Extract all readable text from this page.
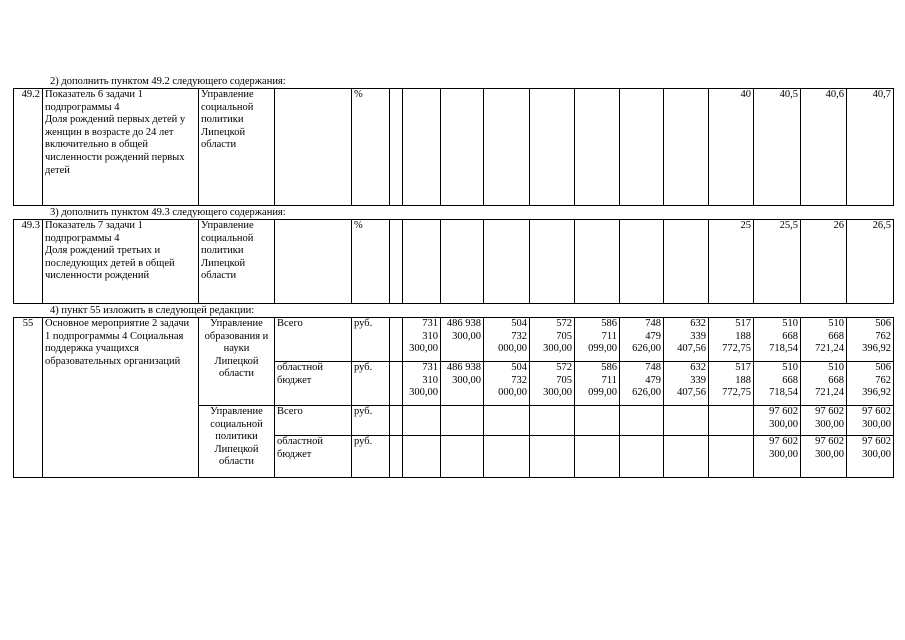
2) дополнить пунктом 49.2 следующего содержания:
49.2	Показатель 6 задачи 1 подпрограммы 4
Доля рождений первых детей у женщин в возрасте до 24 лет включительно в общей численности рождений первых детей	Управление социальной политики Липецкой области		%									40	40,5	40,6	40,7
3) дополнить пунктом 49.3 следующего содержания:
49.3	Показатель 7 задачи 1 подпрограммы 4
Доля рождений третьих и последующих детей в общей численности рождений	Управление социальной политики Липецкой области		%									25	25,5	26	26,5
4) пункт 55 изложить в следующей редакции:
55	Основное мероприятие 2 задачи 1 подпрограммы 4 Социальная поддержка учащихся образовательных организаций	Управление образования и науки Липецкой области	Всего	руб.		731
310
300,00	486 938
300,00	504
732
000,00	572
705
300,00	586
711
099,00	748
479
626,00	632
339
407,56	517
188
772,75	510
668
718,54	510
668
721,24	506
762
396,92
			областной бюджет	руб.		731
310
300,00	486 938
300,00	504
732
000,00	572
705
300,00	586
711
099,00	748
479
626,00	632
339
407,56	517
188
772,75	510
668
718,54	510
668
721,24	506
762
396,92
		Управление социальной политики Липецкой области	Всего	руб.										97 602
300,00	97 602
300,00	97 602
300,00
			областной бюджет	руб.										97 602
300,00	97 602
300,00	97 602
300,00
